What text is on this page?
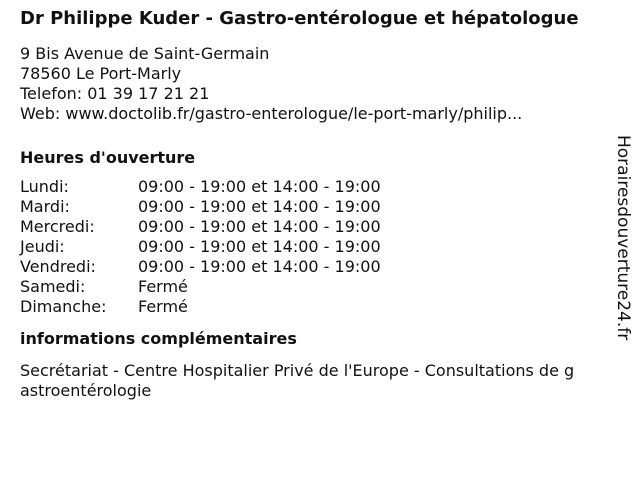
Dr Philippe Kuder - Gastro-entérologue et hépatologue
9 Bis Avenue de Saint-Germain
78560 Le Port-Marly
Telefon: 01 39 17 21 21
Web: www.doctolib.fr/gastro-enterologue/le-port-marly/philip...
Heures d'ouverture
Lundi:	09:00 - 19:00 et 14:00 - 19:00
Mardi:	09:00 - 19:00 et 14:00 - 19:00
Mercredi:	09:00 - 19:00 et 14:00 - 19:00
Jeudi:	09:00 - 19:00 et 14:00 - 19:00
Vendredi:	09:00 - 19:00 et 14:00 - 19:00
Samedi:	Fermé
Dimanche:	Fermé
informations complémentaires
Secrétariat - Centre Hospitalier Privé de l'Europe - Consultations de gastroentérologie
Horairesdouverture24.fr
